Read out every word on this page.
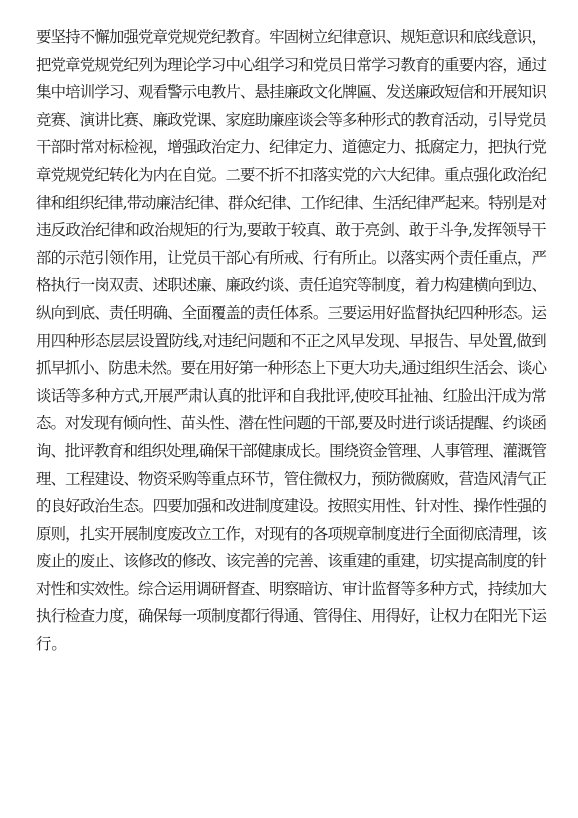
要坚持不懈加强党章党规党纪教育。牢固树立纪律意识、规矩意识和底线意识，
把党章党规党纪列为理论学习中心组学习和党员日常学习教育的重要内容，通过
集中培训学习、观看警示电教片、悬挂廉政文化牌匾、发送廉政短信和开展知识
竞赛、演讲比赛、廉政党课、家庭助廉座谈会等多种形式的教育活动，引导党员
干部时常对标检视，增强政治定力、纪律定力、道德定力、抵腐定力，把执行党
章党规党纪转化为内在自觉。二要不折不扣落实党的六大纪律。重点强化政治纪
律和组织纪律,带动廉洁纪律、群众纪律、工作纪律、生活纪律严起来。特别是对
违反政治纪律和政治规矩的行为,要敢于较真、敢于亮剑、敢于斗争,发挥领导干
部的示范引领作用，让党员干部心有所戒、行有所止。以落实两个责任重点，严
格执行一岗双责、述职述廉、廉政约谈、责任追究等制度，着力构建横向到边、
纵向到底、责任明确、全面覆盖的责任体系。三要运用好监督执纪四种形态。运
用四种形态层层设置防线,对违纪问题和不正之风早发现、早报告、早处置,做到
抓早抓小、防患未然。要在用好第一种形态上下更大功夫,通过组织生活会、谈心
谈话等多种方式,开展严肃认真的批评和自我批评,使咬耳扯袖、红脸出汗成为常
态。对发现有倾向性、苗头性、潜在性问题的干部,要及时进行谈话提醒、约谈函
询、批评教育和组织处理,确保干部健康成长。围绕资金管理、人事管理、灌溉管
理、工程建设、物资采购等重点环节，管住微权力，预防微腐败，营造风清气正
的良好政治生态。四要加强和改进制度建设。按照实用性、针对性、操作性强的
原则，扎实开展制度废改立工作，对现有的各项规章制度进行全面彻底清理，该
废止的废止、该修改的修改、该完善的完善、该重建的重建，切实提高制度的针
对性和实效性。综合运用调研督查、明察暗访、审计监督等多种方式，持续加大
执行检查力度，确保每一项制度都行得通、管得住、用得好，让权力在阳光下运
行。
